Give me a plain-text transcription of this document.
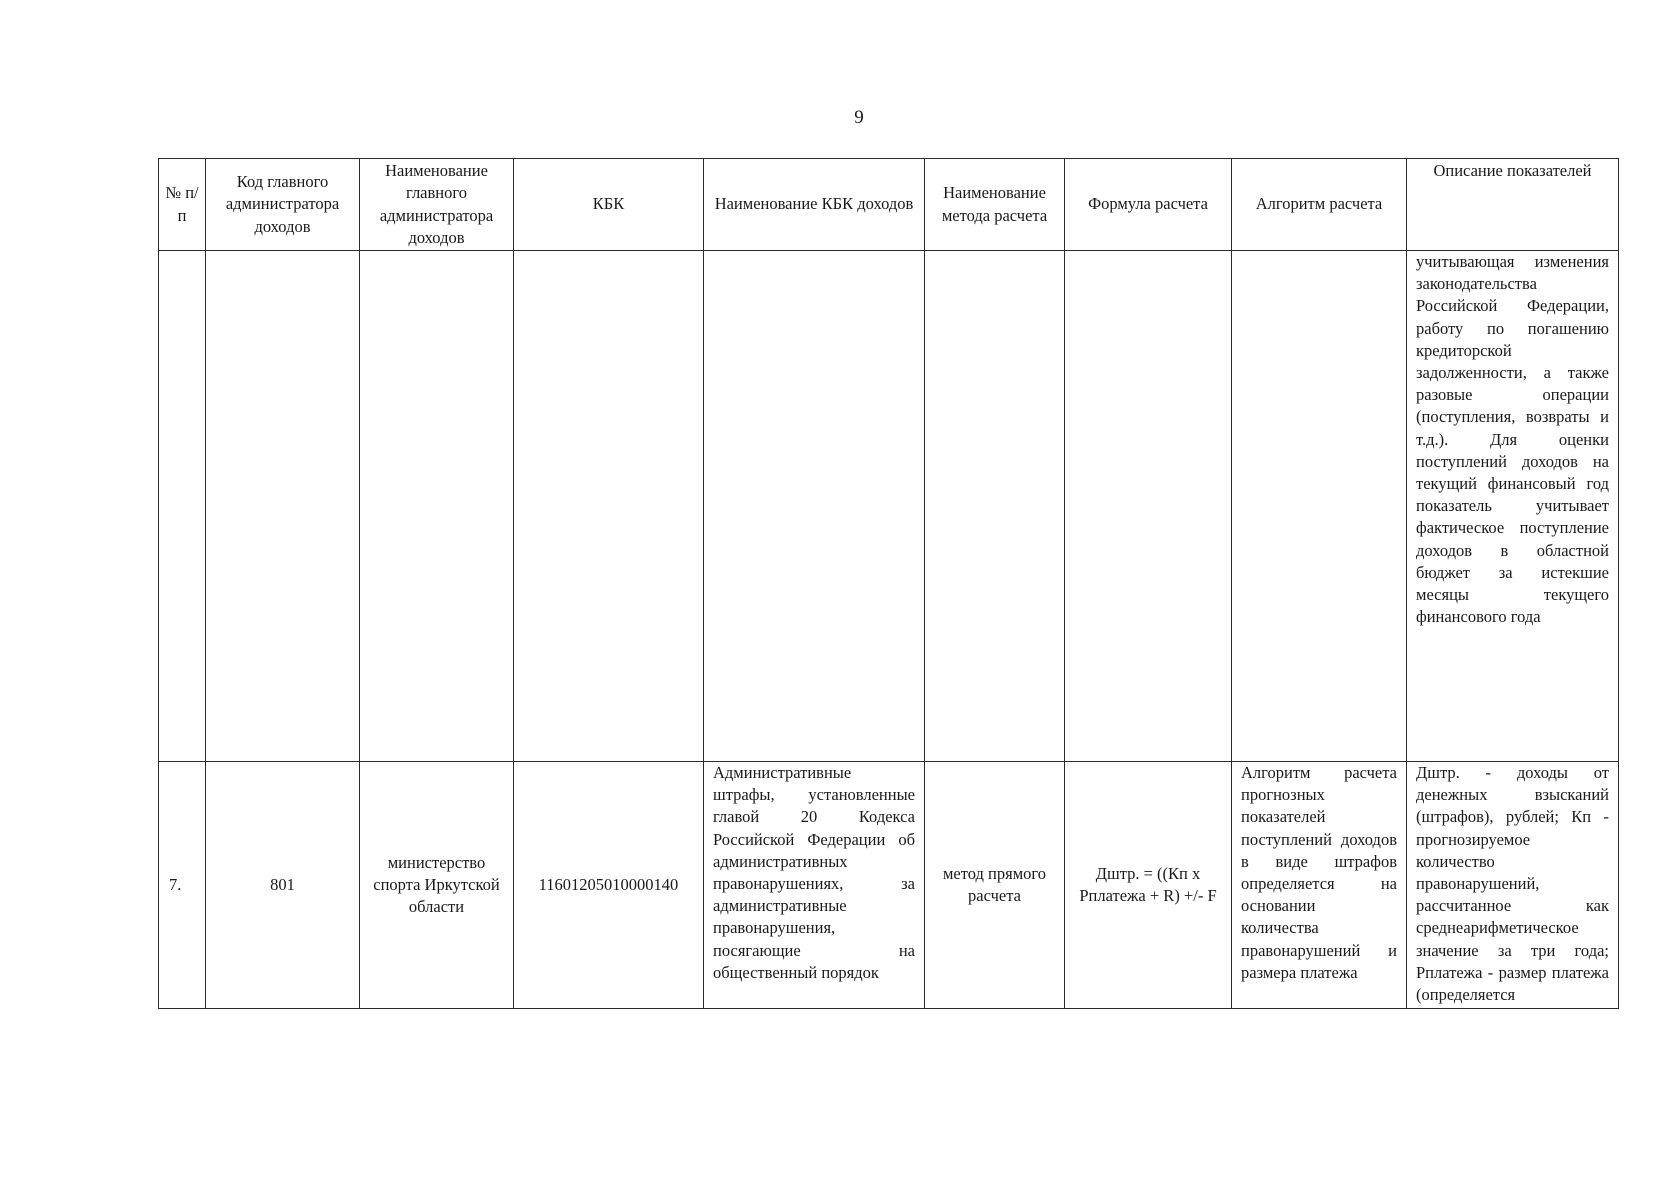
9
№ п/п	Код главного администратора доходов	Наименование главного администратора доходов	КБК	Наименование КБК доходов	Наименование метода расчета	Формула расчета	Алгоритм расчета	Описание показателей
								учитывающая изменения законодательства Российской Федерации, работу по погашению кредиторской задолженности, а также разовые операции (поступления, возвраты и т.д.). Для оценки поступлений доходов на текущий финансовый год показатель учитывает фактическое поступление доходов в областной бюджет за истекшие месяцы текущего финансового года
7.	801	министерство спорта Иркутской области	11601205010000140	Административные штрафы, установленные главой 20 Кодекса Российской Федерации об административных правонарушениях, за административные правонарушения, посягающие на общественный порядок	метод прямого расчета	Дштр. = ((Кп x Рплатежа + R) +/- F	Алгоритм расчета прогнозных показателей поступлений доходов в виде штрафов определяется на основании количества правонарушений и размера платежа	Дштр. - доходы от денежных взысканий (штрафов), рублей; Кп - прогнозируемое количество правонарушений, рассчитанное как среднеарифметическое значение за три года; Рплатежа - размер платежа (определяется
